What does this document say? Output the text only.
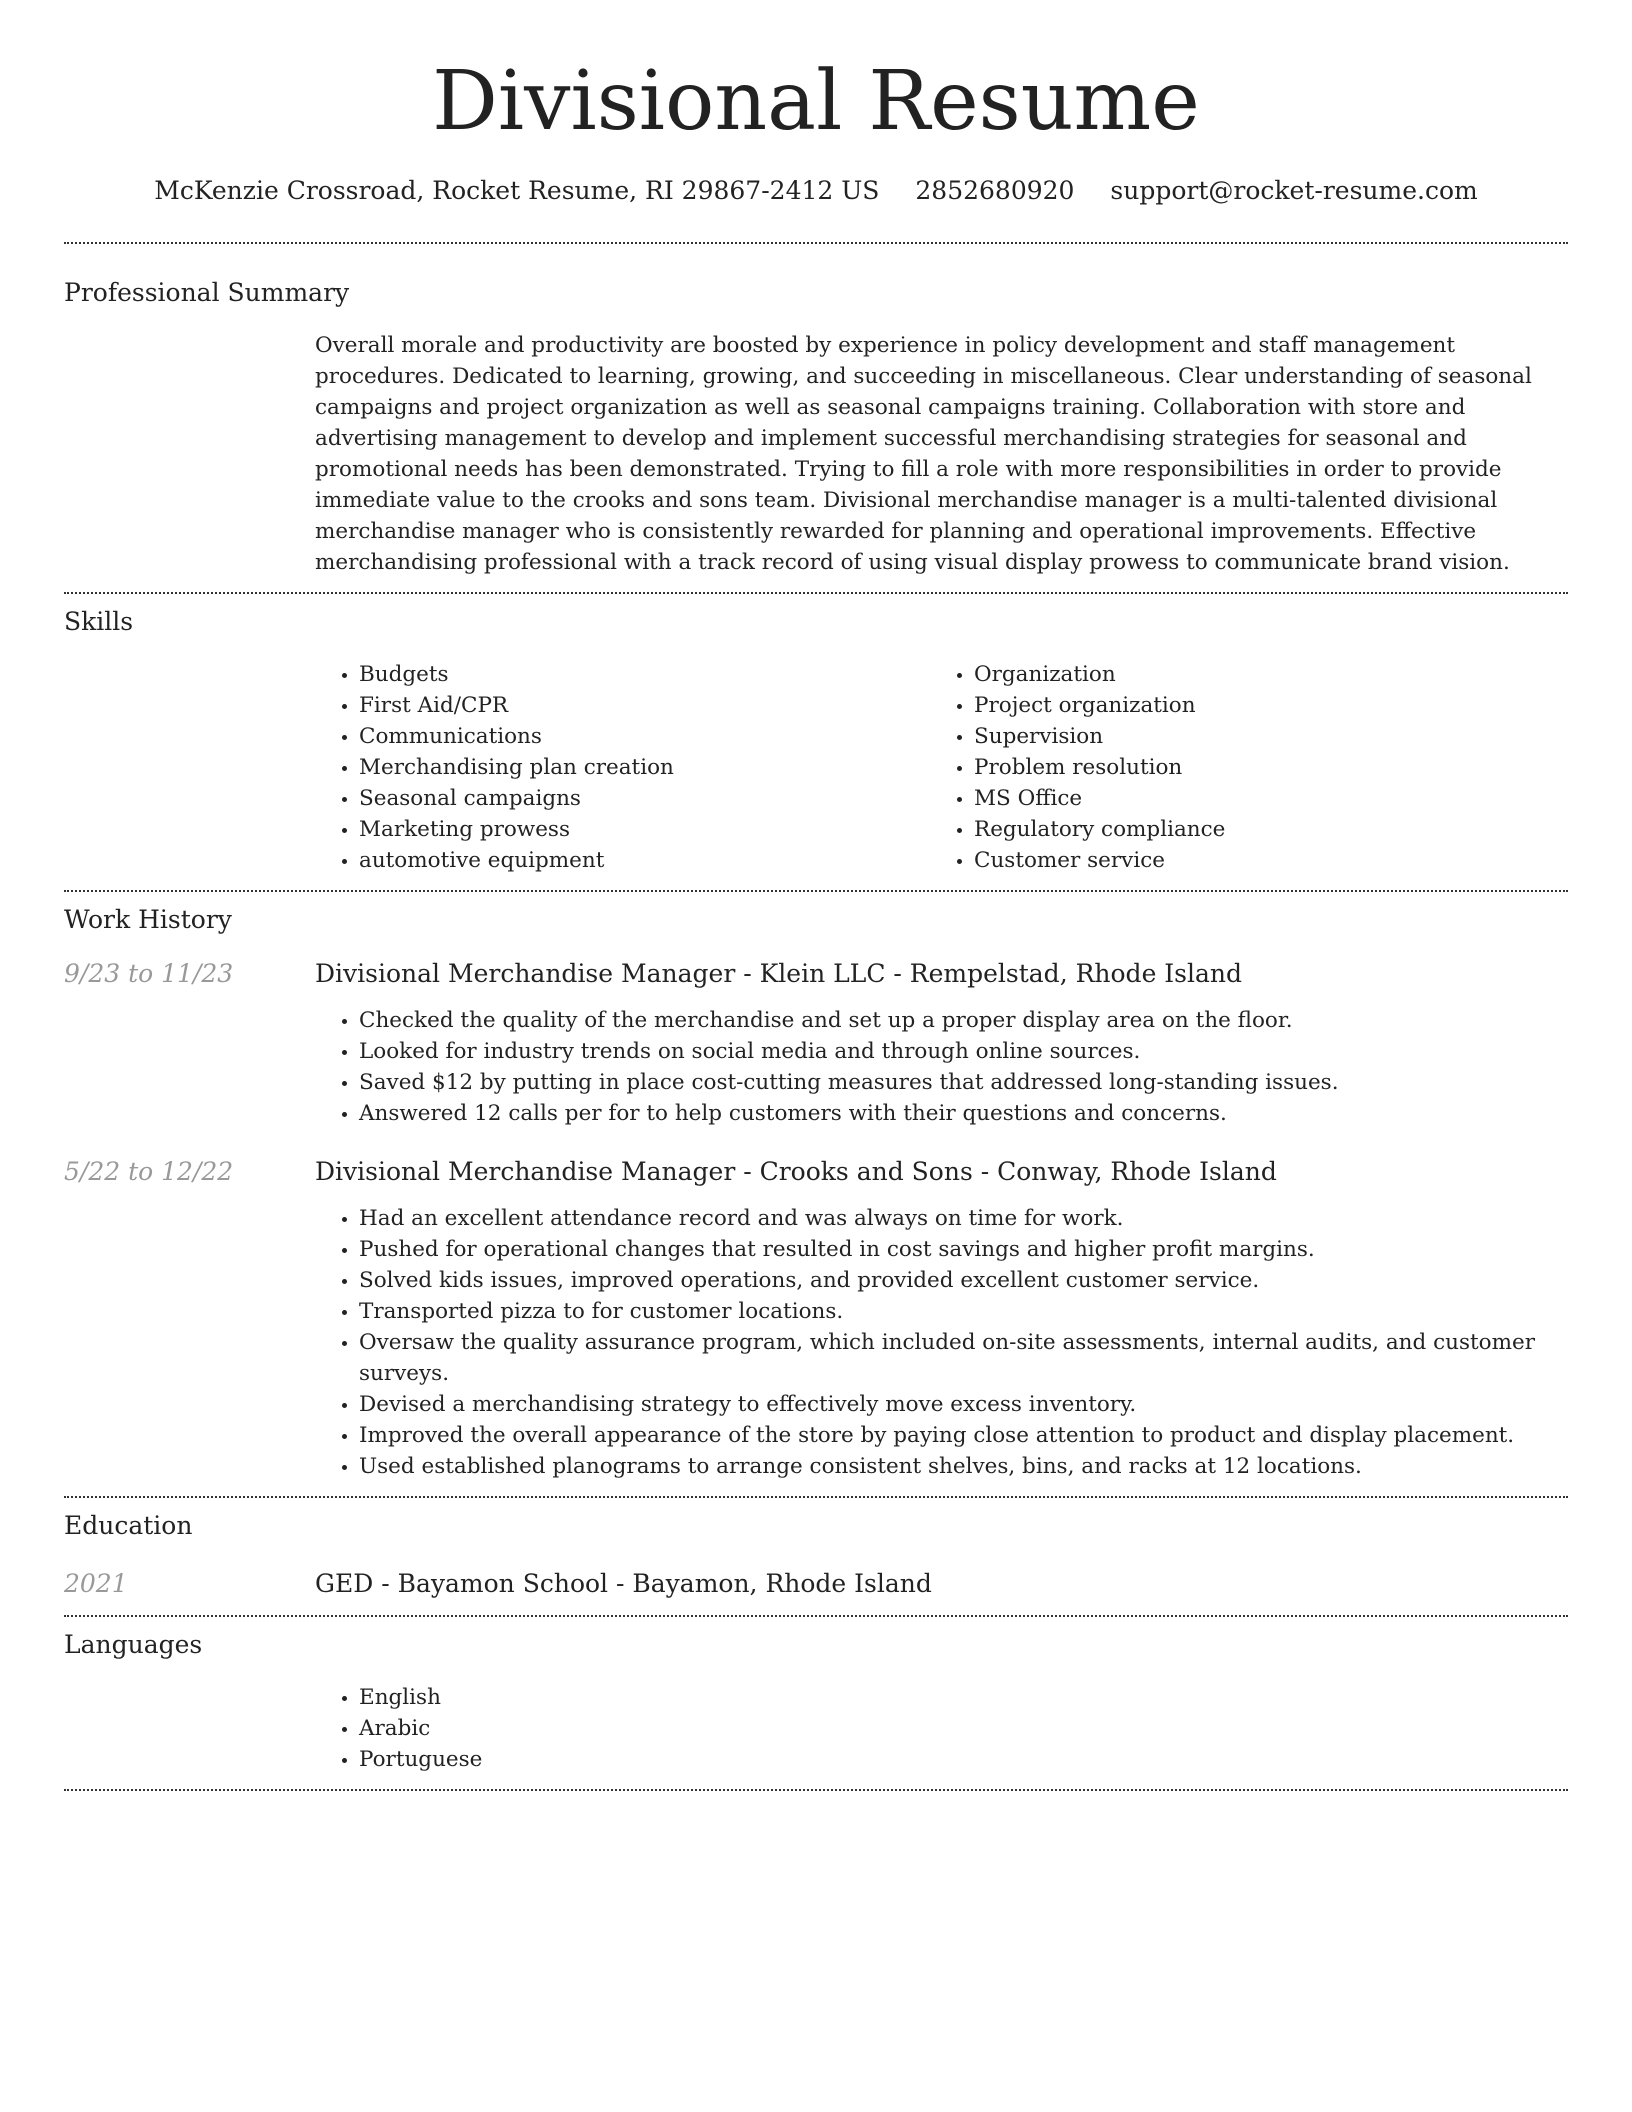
Divisional Resume
McKenzie Crossroad, Rocket Resume, RI 29867-2412 US 2852680920 support@rocket-resume.com
Professional Summary
Overall morale and productivity are boosted by experience in policy development and staff management procedures. Dedicated to learning, growing, and succeeding in miscellaneous. Clear understanding of seasonal campaigns and project organization as well as seasonal campaigns training. Collaboration with store and advertising management to develop and implement successful merchandising strategies for seasonal and promotional needs has been demonstrated. Trying to fill a role with more responsibilities in order to provide immediate value to the crooks and sons team. Divisional merchandise manager is a multi-talented divisional merchandise manager who is consistently rewarded for planning and operational improvements. Effective merchandising professional with a track record of using visual display prowess to communicate brand vision.
Skills
• Budgets
• First Aid/CPR
• Communications
• Merchandising plan creation
• Seasonal campaigns
• Marketing prowess
• automotive equipment
• Organization
• Project organization
• Supervision
• Problem resolution
• MS Office
• Regulatory compliance
• Customer service
Work History
9/23 to 11/23	Divisional Merchandise Manager - Klein LLC - Rempelstad, Rhode Island
• Checked the quality of the merchandise and set up a proper display area on the floor.
• Looked for industry trends on social media and through online sources.
• Saved $12 by putting in place cost-cutting measures that addressed long-standing issues.
• Answered 12 calls per for to help customers with their questions and concerns.
5/22 to 12/22	Divisional Merchandise Manager - Crooks and Sons - Conway, Rhode Island
• Had an excellent attendance record and was always on time for work.
• Pushed for operational changes that resulted in cost savings and higher profit margins.
• Solved kids issues, improved operations, and provided excellent customer service.
• Transported pizza to for customer locations.
• Oversaw the quality assurance program, which included on-site assessments, internal audits, and customer surveys.
• Devised a merchandising strategy to effectively move excess inventory.
• Improved the overall appearance of the store by paying close attention to product and display placement.
• Used established planograms to arrange consistent shelves, bins, and racks at 12 locations.
Education
2021	GED - Bayamon School - Bayamon, Rhode Island
Languages
• English
• Arabic
• Portuguese
